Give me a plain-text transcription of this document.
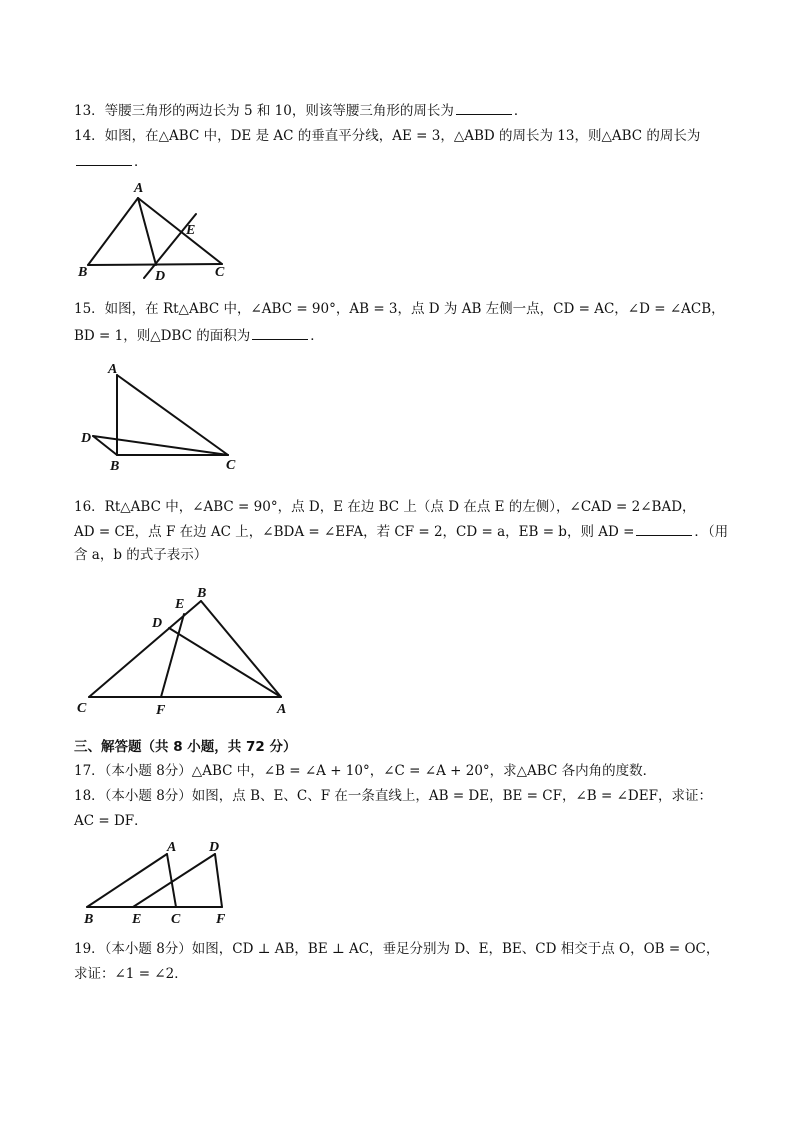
13．等腰三角形的两边长为 5 和 10，则该等腰三角形的周长为	．
14．如图，在△ABC 中，DE 是 AC 的垂直平分线，AE = 3，△ABD 的周长为 13，则△ABC 的周长为
．
A
B	C
D
E
15．如图，在 Rt△ABC 中，∠ABC = 90°，AB = 3，点 D 为 AB 左侧一点，CD = AC，∠D = ∠ACB，
BD = 1，则△DBC 的面积为	．
A
B	C
D
16．Rt△ABC 中，∠ABC = 90°，点 D，E 在边 BC 上（点 D 在点 E 的左侧），∠CAD = 2∠BAD，
AD = CE，点 F 在边 AC 上，∠BDA = ∠EFA，若 CF = 2，CD = a，EB = b，则 AD =	．（用
含 a，b 的式子表示）
A
B
C
D
E
F
三、解答题（共 8 小题，共 72 分）
17．（本小题 8分）△ABC 中，∠B = ∠A + 10°，∠C = ∠A + 20°，求△ABC 各内角的度数．
18．（本小题 8分）如图，点 B、E、C、F 在一条直线上，AB = DE，BE = CF，∠B = ∠DEF，求证：
AC = DF．
A
B	C
D
E	F
19．（本小题 8分）如图，CD ⊥ AB，BE ⊥ AC，垂足分别为 D、E，BE、CD 相交于点 O，OB = OC，
求证：∠1 = ∠2．
